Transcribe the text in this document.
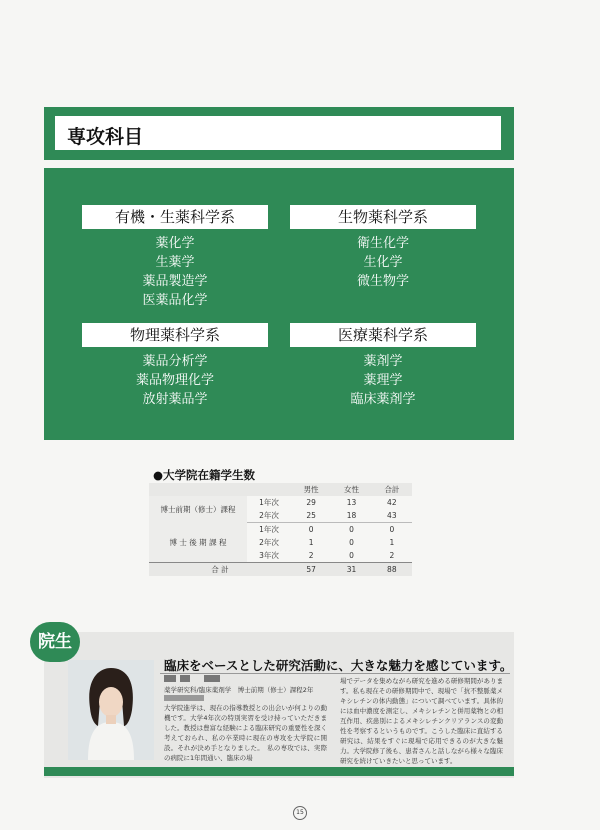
専攻科目
有機・生薬科学系
薬化学
生薬学
薬品製造学
医薬品化学
生物薬科学系
衛生化学
生化学
微生物学
物理薬科学系
薬品分析学
薬品物理化学
放射薬品学
医療薬科学系
薬剤学
薬理学
臨床薬剤学
●大学院在籍学生数
		男性	女性	合計
博士前期（修士）課程	1年次	29	13	42
	2年次	25	18	43
博 士 後 期 課 程	1年次	0	0	0
	2年次	1	0	1
	3年次	2	0	2
合 計		57	31	88
院生
臨床をベースとした研究活動に、大きな魅力を感じています。
薬学研究科/臨床薬剤学　博士前期（修士）課程2年
大学院進学は、現在の指導教授との出会いが何よりの動機です。大学4年次の特別実習を受け持っていただきました。教授は豊富な経験による臨床研究の重要性を深く考えておられ、私の卒業時に現在の専攻を大学院に開設。それが決め手となりました。　私の専攻では、実際の病院に1年間通い、臨床の場
場でデータを集めながら研究を進める研修期間があります。私も現在その研修期間中で、現場で「抗不整脈薬メキシレチンの体内動態」について調べています。具体的には血中濃度を測定し、メキシレチンと併用薬物との相互作用、疾患別によるメキシレチンクリアランスの変動性を考察するというものです。こうした臨床に直結する研究は、結果をすぐに現場で応用できるのが大きな魅力。大学院修了後も、患者さんと話しながら様々な臨床研究を続けていきたいと思っています。
15
